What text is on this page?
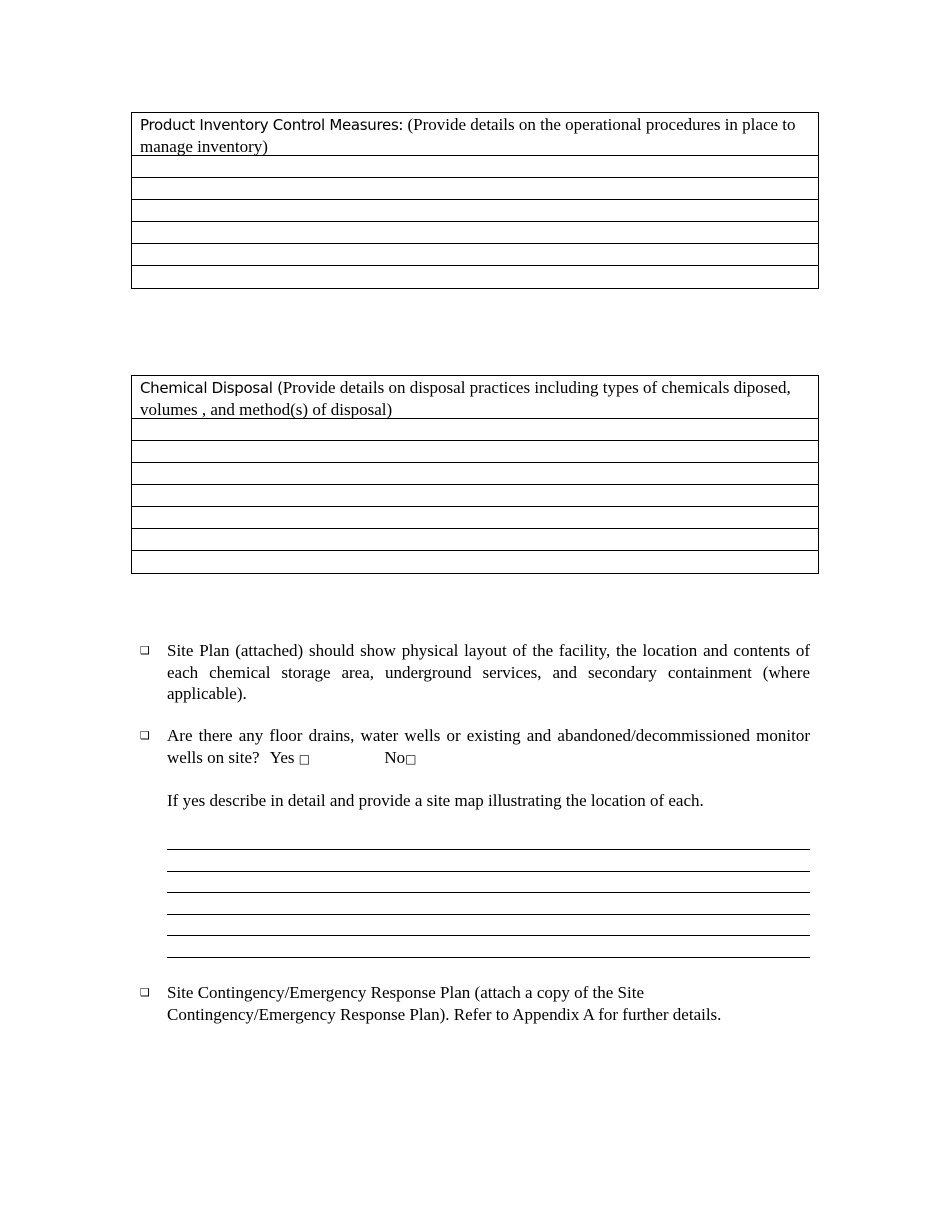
Product Inventory Control Measures: (Provide details on the operational procedures in place to manage inventory)
Chemical Disposal (Provide details on disposal practices including types of chemicals diposed, volumes , and method(s) of disposal)
❑ Site Plan (attached) should show physical layout of the facility, the location and contents of each chemical storage area, underground services, and secondary containment (where applicable).
❑ Are there any floor drains, water wells or existing and abandoned/decommissioned monitor wells on site? Yes □	No□
If yes describe in detail and provide a site map illustrating the location of each.
❑ Site Contingency/Emergency Response Plan (attach a copy of the Site
Contingency/Emergency Response Plan). Refer to Appendix A for further details.
